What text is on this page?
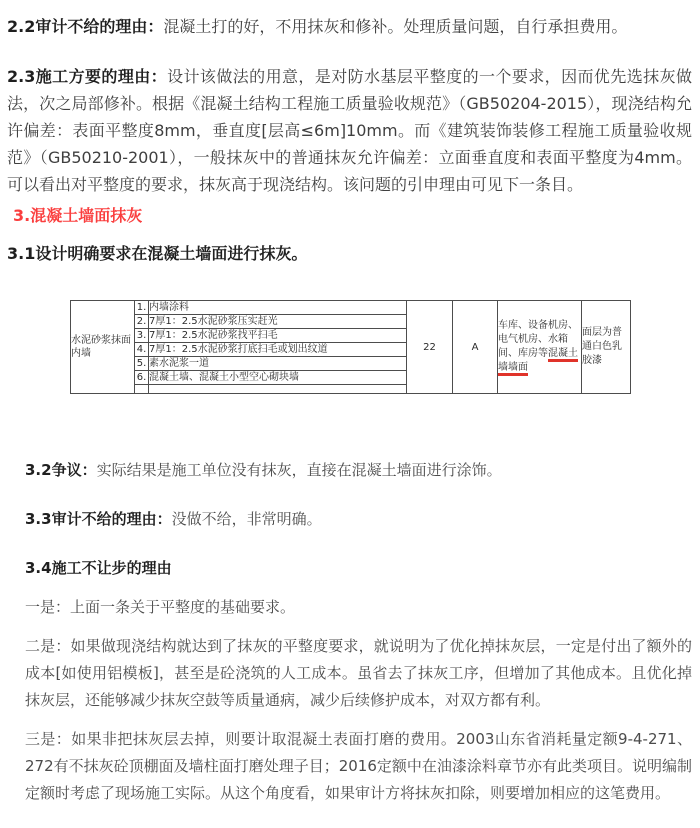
2.2审计不给的理由：混凝土打的好，不用抹灰和修补。处理质量问题，自行承担费用。

2.3施工方要的理由：设计该做法的用意，是对防水基层平整度的一个要求，因而优先选抹灰做法，次之局部修补。根据《混凝土结构工程施工质量验收规范》（GB50204-2015），现浇结构允许偏差：表面平整度8mm，垂直度[层高≤6m]10mm。而《建筑装饰装修工程施工质量验收规范》（GB50210-2001），一般抹灰中的普通抹灰允许偏差：立面垂直度和表面平整度为4mm。可以看出对平整度的要求，抹灰高于现浇结构。该问题的引申理由可见下一条目。

3.混凝土墙面抹灰
3.1设计明确要求在混凝土墙面进行抹灰。
水泥砂浆抹面内墙	1.	内墙涂料	22	A	车库、设备机房、电气机房、水箱间、库房等混凝土墙墙面	面层为普通白色乳胶漆
	2.	7厚1：2.5水泥砂浆压实赶光				
	3.	7厚1：2.5水泥砂浆找平扫毛				
	4.	7厚1：2.5水泥砂浆打底扫毛或划出纹道				
	5.	素水泥浆一道				
	6.	混凝土墙、混凝土小型空心砌块墙				

3.2争议：实际结果是施工单位没有抹灰，直接在混凝土墙面进行涂饰。

3.3审计不给的理由：没做不给，非常明确。

3.4施工不让步的理由

一是：上面一条关于平整度的基础要求。

二是：如果做现浇结构就达到了抹灰的平整度要求，就说明为了优化掉抹灰层，一定是付出了额外的成本[如使用铝模板]，甚至是砼浇筑的人工成本。虽省去了抹灰工序，但增加了其他成本。且优化掉抹灰层，还能够减少抹灰空鼓等质量通病，减少后续修护成本，对双方都有利。

三是：如果非把抹灰层去掉，则要计取混凝土表面打磨的费用。2003山东省消耗量定额9-4-271、272有不抹灰砼顶棚面及墙柱面打磨处理子目；2016定额中在油漆涂料章节亦有此类项目。说明编制定额时考虑了现场施工实际。从这个角度看，如果审计方将抹灰扣除，则要增加相应的这笔费用。
